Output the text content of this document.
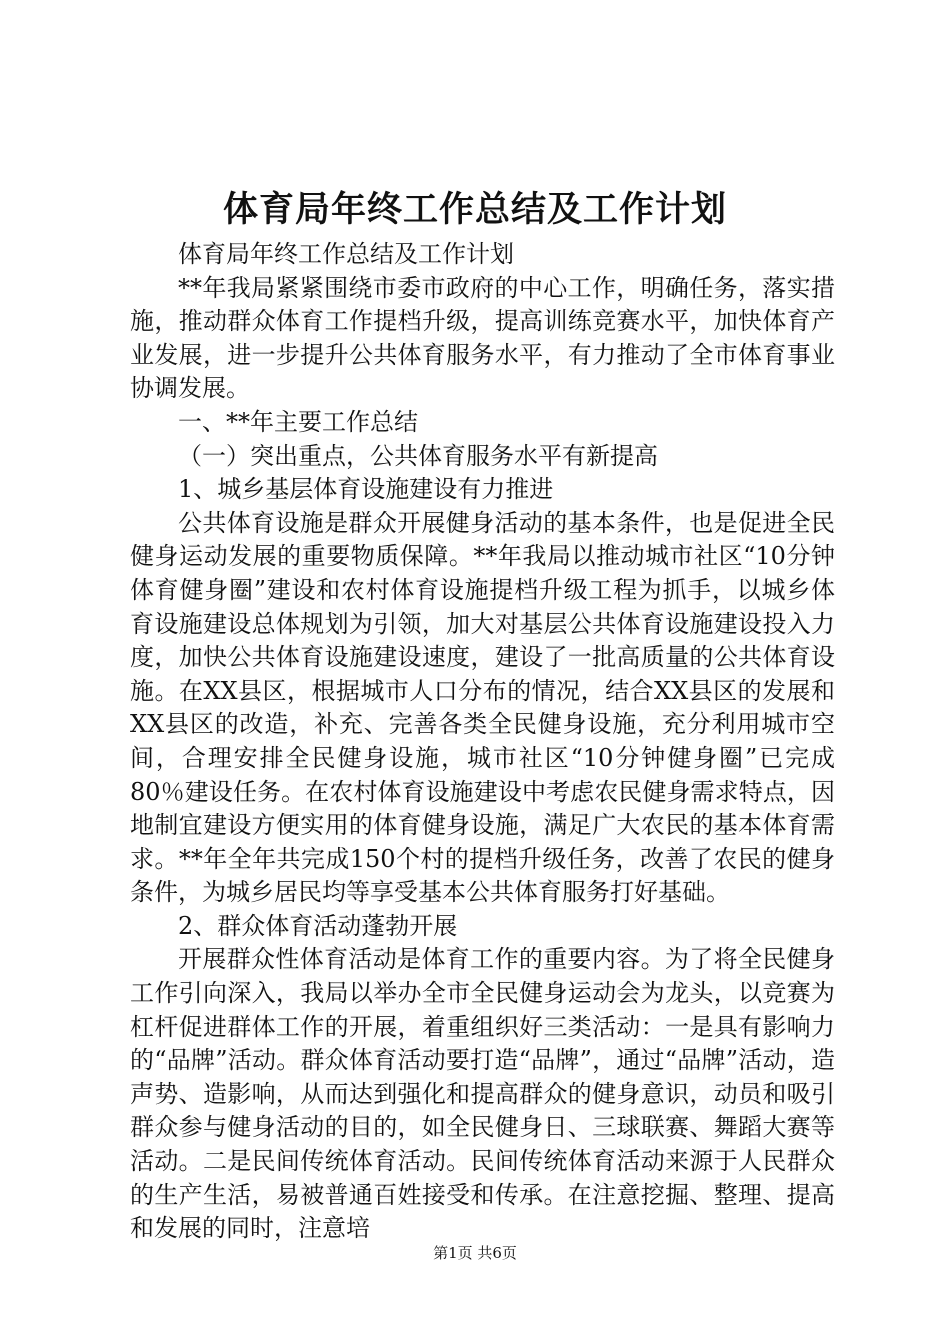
体育局年终工作总结及工作计划

体育局年终工作总结及工作计划

**年我局紧紧围绕市委市政府的中心工作，明确任务，落实措施，推动群众体育工作提档升级，提高训练竞赛水平，加快体育产业发展，进一步提升公共体育服务水平，有力推动了全市体育事业协调发展。

一、**年主要工作总结

（一）突出重点，公共体育服务水平有新提高

1、城乡基层体育设施建设有力推进

公共体育设施是群众开展健身活动的基本条件，也是促进全民健身运动发展的重要物质保障。**年我局以推动城市社区“10分钟体育健身圈”建设和农村体育设施提档升级工程为抓手，以城乡体育设施建设总体规划为引领，加大对基层公共体育设施建设投入力度，加快公共体育设施建设速度，建设了一批高质量的公共体育设施。在XX县区，根据城市人口分布的情况，结合XX县区的发展和XX县区的改造，补充、完善各类全民健身设施，充分利用城市空间，合理安排全民健身设施，城市社区“10分钟健身圈”已完成80％建设任务。在农村体育设施建设中考虑农民健身需求特点，因地制宜建设方便实用的体育健身设施，满足广大农民的基本体育需求。**年全年共完成150个村的提档升级任务，改善了农民的健身条件，为城乡居民均等享受基本公共体育服务打好基础。

2、群众体育活动蓬勃开展

开展群众性体育活动是体育工作的重要内容。为了将全民健身工作引向深入，我局以举办全市全民健身运动会为龙头，以竞赛为杠杆促进群体工作的开展，着重组织好三类活动：一是具有影响力的“品牌”活动。群众体育活动要打造“品牌”，通过“品牌”活动，造声势、造影响，从而达到强化和提高群众的健身意识，动员和吸引群众参与健身活动的目的，如全民健身日、三球联赛、舞蹈大赛等活动。二是民间传统体育活动。民间传统体育活动来源于人民群众的生产生活，易被普通百姓接受和传承。在注意挖掘、整理、提高和发展的同时，注意培

第1页 共6页
